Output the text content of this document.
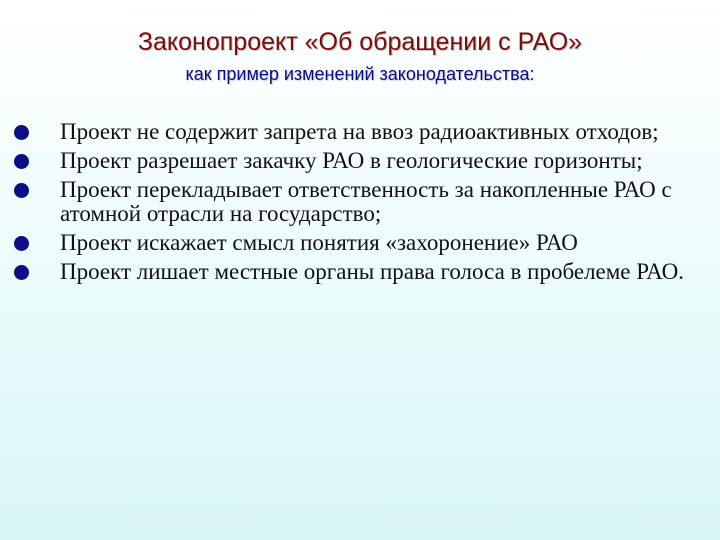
Законопроект «Об обращении с РАО»
как пример изменений законодательства:
Проект не содержит запрета на ввоз радиоактивных отходов;
Проект разрешает закачку РАО в геологические горизонты;
Проект перекладывает ответственность за накопленные РАО с атомной отрасли на государство;
Проект искажает смысл понятия «захоронение» РАО
Проект лишает местные органы права голоса в пробелеме РАО.
